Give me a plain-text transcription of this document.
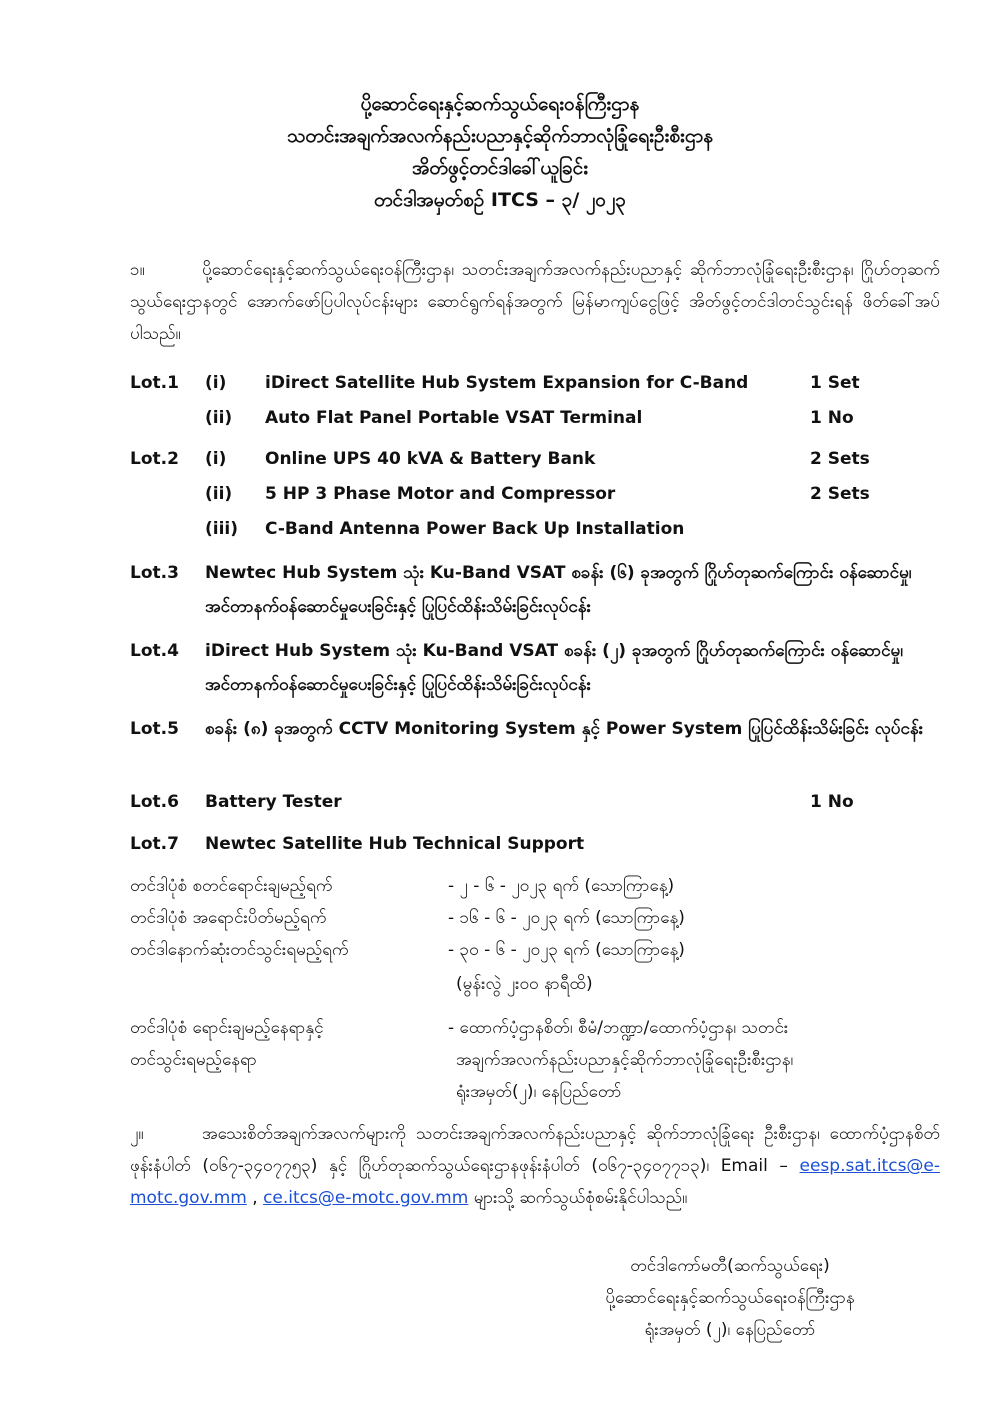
ပို့ဆောင်ရေးနှင့်ဆက်သွယ်ရေးဝန်ကြီးဌာန
သတင်းအချက်အလက်နည်းပညာနှင့်ဆိုက်ဘာလုံခြုံရေးဦးစီးဌာန
အိတ်ဖွင့်တင်ဒါခေါ်ယူခြင်း
တင်ဒါအမှတ်စဉ် ITCS – ၃/ ၂၀၂၃
၁။	ပို့ဆောင်ရေးနှင့်ဆက်သွယ်ရေးဝန်ကြီးဌာန၊ သတင်းအချက်အလက်နည်းပညာနှင့် ဆိုက်ဘာလုံခြုံရေးဦးစီးဌာန၊ ဂြိုဟ်တုဆက်သွယ်ရေးဌာနတွင် အောက်ဖော်ပြပါလုပ်ငန်းများ ဆောင်ရွက်ရန်အတွက် မြန်မာကျပ်ငွေဖြင့် အိတ်ဖွင့်တင်ဒါတင်သွင်းရန် ဖိတ်ခေါ်အပ်ပါသည်။
Lot.1 (i) iDirect Satellite Hub System Expansion for C-Band	1 Set
(ii) Auto Flat Panel Portable VSAT Terminal	1 No
Lot.2 (i) Online UPS 40 kVA & Battery Bank	2 Sets
(ii) 5 HP 3 Phase Motor and Compressor	2 Sets
(iii) C-Band Antenna Power Back Up Installation
Lot.3 Newtec Hub System သုံး Ku-Band VSAT စခန်း (၆) ခုအတွက် ဂြိုဟ်တုဆက်ကြောင်း ဝန်ဆောင်မှု၊ အင်တာနက်ဝန်ဆောင်မှုပေးခြင်းနှင့် ပြုပြင်ထိန်းသိမ်းခြင်းလုပ်ငန်း
Lot.4 iDirect Hub System သုံး Ku-Band VSAT စခန်း (၂) ခုအတွက် ဂြိုဟ်တုဆက်ကြောင်း ဝန်ဆောင်မှု၊ အင်တာနက်ဝန်ဆောင်မှုပေးခြင်းနှင့် ပြုပြင်ထိန်းသိမ်းခြင်းလုပ်ငန်း
Lot.5 စခန်း (၈) ခုအတွက် CCTV Monitoring System နှင့် Power System ပြုပြင်ထိန်းသိမ်းခြင်း လုပ်ငန်း
Lot.6 Battery Tester	1 No
Lot.7 Newtec Satellite Hub Technical Support
တင်ဒါပုံစံ စတင်ရောင်းချမည့်ရက်	- ၂ - ၆ - ၂၀၂၃ ရက် (သောကြာနေ့)
တင်ဒါပုံစံ အရောင်းပိတ်မည့်ရက်	- ၁၆ - ၆ - ၂၀၂၃ ရက် (သောကြာနေ့)
တင်ဒါနောက်ဆုံးတင်သွင်းရမည့်ရက်	- ၃၀ - ၆ - ၂၀၂၃ ရက် (သောကြာနေ့)
(မွန်းလွဲ ၂း၀၀ နာရီထိ)
တင်ဒါပုံစံ ရောင်းချမည့်နေရာနှင့်	- ထောက်ပံ့ဌာနစိတ်၊ စီမံ/ဘဏ္ဍာ/ထောက်ပံ့ဌာန၊ သတင်း
တင်သွင်းရမည့်နေရာ	အချက်အလက်နည်းပညာနှင့်ဆိုက်ဘာလုံခြုံရေးဦးစီးဌာန၊
ရုံးအမှတ်(၂)၊ နေပြည်တော်
၂။	အသေးစိတ်အချက်အလက်များကို သတင်းအချက်အလက်နည်းပညာနှင့် ဆိုက်ဘာလုံခြုံရေး ဦးစီးဌာန၊ ထောက်ပံ့ဌာနစိတ်ဖုန်းနံပါတ် (၀၆၇-၃၄၀၇၇၅၃) နှင့် ဂြိုဟ်တုဆက်သွယ်ရေးဌာနဖုန်းနံပါတ် (၀၆၇-၃၄၀၇၇၁၃)၊ Email – eesp.sat.itcs@e-motc.gov.mm , ce.itcs@e-motc.gov.mm များသို့ ဆက်သွယ်စုံစမ်းနိုင်ပါသည်။
တင်ဒါကော်မတီ(ဆက်သွယ်ရေး)
ပို့ဆောင်ရေးနှင့်ဆက်သွယ်ရေးဝန်ကြီးဌာန
ရုံးအမှတ် (၂)၊ နေပြည်တော်
